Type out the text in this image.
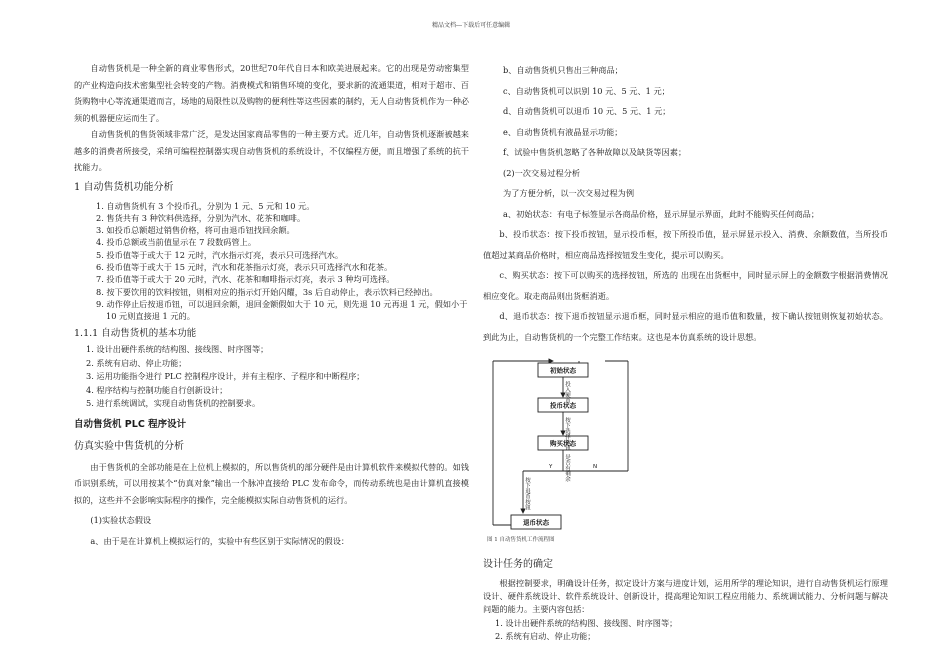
精品文档---下载后可任意编辑

自动售货机是一种全新的商业零售形式，20世纪70年代自日本和欧美进展起来。它的出现是劳动密集型的产业构造向技术密集型社会转变的产物。消费模式和销售环境的变化，要求新的流通渠道，相对于超市、百货购物中心等流通渠道而言，场地的局限性以及购物的便利性等这些因素的制约，无人自动售货机作为一种必须的机器便应运而生了。

自动售货机的售货领域非常广泛，是发达国家商品零售的一种主要方式。近几年，自动售货机逐渐被越来越多的消费者所接受，采纳可编程控制器实现自动售货机的系统设计，不仅编程方便，而且增强了系统的抗干扰能力。

1 自动售货机功能分析
1. 自动售货机有 3 个投币孔，分别为 1 元、5 元和 10 元。
2. 售货共有 3 种饮料供选择，分别为汽水、花茶和咖啡。
3. 如投币总额超过销售价格，将可由退币钮找回余额。
4. 投币总额或当前值显示在 7 段数码管上。
5. 投币值等于或大于 12 元时，汽水指示灯亮，表示只可选择汽水。
6. 投币值等于或大于 15 元时，汽水和花茶指示灯亮，表示只可选择汽水和花茶。
7. 投币值等于或大于 20 元时，汽水、花茶和咖啡指示灯亮，表示 3 种均可选择。
8. 按下要饮用的饮料按钮，则相对应的指示灯开始闪耀，3s 后自动停止，表示饮料已经掉出。
9. 动作停止后按退币钮，可以退回余额，退回金额假如大于 10 元，则先退 10 元再退 1 元，假如小于 10 元则直接退 1 元的。
1.1.1 自动售货机的基本功能
1. 设计出硬件系统的结构图、接线图、时序图等；
2. 系统有启动、停止功能；
3. 运用功能指令进行 PLC 控制程序设计，并有主程序、子程序和中断程序；
4. 程序结构与控制功能自行创新设计；
5. 进行系统调试，实现自动售货机的控制要求。
自动售货机 PLC 程序设计
仿真实验中售货机的分析

由于售货机的全部功能是在上位机上模拟的，所以售货机的部分硬件是由计算机软件来模拟代替的。如钱币识别系统，可以用按某个“仿真对象”输出一个脉冲直接给 PLC 发布命令，而传动系统也是由计算机直接模拟的，这些并不会影响实际程序的操作，完全能模拟实际自动售货机的运行。

(1)实验状态假设

a、由于是在计算机上模拟运行的，实验中有些区别于实际情况的假设：

b、自动售货机只售出三种商品；

c、自动售货机可以识别 10 元、5 元、1 元；

d、自动售货机可以退币 10 元、5 元、1 元；

e、自动售货机有液晶显示功能；

f、试验中售货机忽略了各种故障以及缺货等因素；

(2)一次交易过程分析

为了方便分析，以一次交易过程为例

a、初始状态：有电子标签显示各商品价格，显示屏显示界面，此时不能购买任何商品；

b、投币状态：按下投币按钮，显示投币框，按下所投币值，显示屏显示投入、消费、余额数值，当所投币值超过某商品价格时，相应商品选择按钮发生变化，提示可以购买。

c、购买状态：按下可以购买的选择按钮，所选的 出现在出货框中，同时显示屏上的金额数字根据消费情况相应变化。取走商品则出货框消逝。

d、退币状态：按下退币按钮显示退币框，同时显示相应的退币值和数量，按下确认按钮则恢复初始状态。到此为止，自动售货机的一个完整工作结束。这也是本仿真系统的设计思想。

初始状态
投币状态
购买状态
退币状态
投入硬币
按下选择按钮
是否有剩余
Y	N
按下退币按钮
图 1 自动售货机工作流程图
设计任务的确定

根据控制要求，明确设计任务，拟定设计方案与进度计划，运用所学的理论知识，进行自动售货机运行原理设计、硬件系统设计、软件系统设计、创新设计，提高理论知识工程应用能力、系统调试能力、分析问题与解决问题的能力。主要内容包括：

1. 设计出硬件系统的结构图、接线图、时序图等；
2. 系统有启动、停止功能；
